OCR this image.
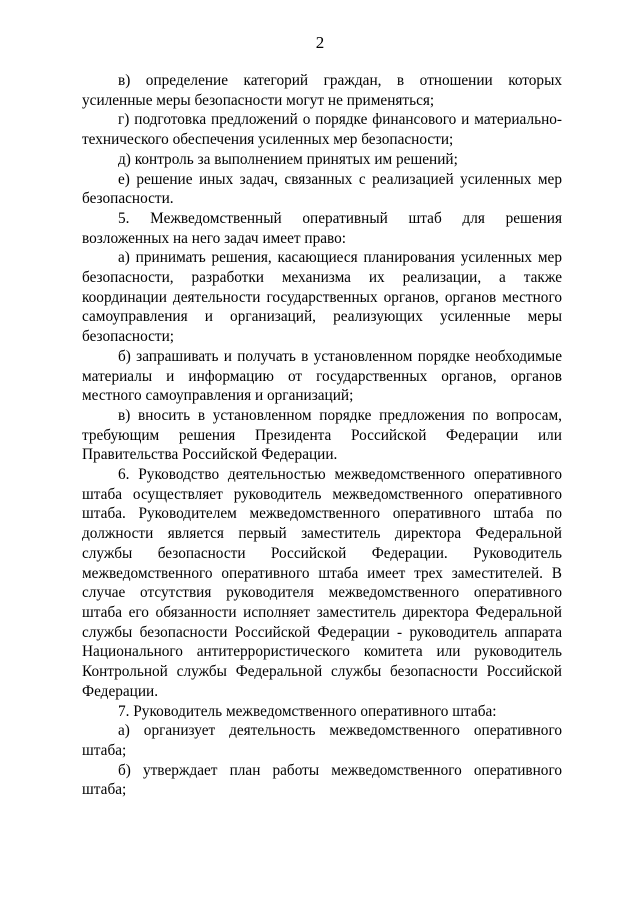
2

в) определение категорий граждан, в отношении которых усиленные меры безопасности могут не применяться;

г) подготовка предложений о порядке финансового и материально-технического обеспечения усиленных мер безопасности;

д) контроль за выполнением принятых им решений;

е) решение иных задач, связанных с реализацией усиленных мер безопасности.

5. Межведомственный оперативный штаб для решения возложенных на него задач имеет право:

а) принимать решения, касающиеся планирования усиленных мер безопасности, разработки механизма их реализации, а также координации деятельности государственных органов, органов местного самоуправления и организаций, реализующих усиленные меры безопасности;

б) запрашивать и получать в установленном порядке необходимые материалы и информацию от государственных органов, органов местного самоуправления и организаций;

в) вносить в установленном порядке предложения по вопросам, требующим решения Президента Российской Федерации или Правительства Российской Федерации.

6. Руководство деятельностью межведомственного оперативного штаба осуществляет руководитель межведомственного оперативного штаба. Руководителем межведомственного оперативного штаба по должности является первый заместитель директора Федеральной службы безопасности Российской Федерации. Руководитель межведомственного оперативного штаба имеет трех заместителей. В случае отсутствия руководителя межведомственного оперативного штаба его обязанности исполняет заместитель директора Федеральной службы безопасности Российской Федерации - руководитель аппарата Национального антитеррористического комитета или руководитель Контрольной службы Федеральной службы безопасности Российской Федерации.

7. Руководитель межведомственного оперативного штаба:

а) организует деятельность межведомственного оперативного штаба;

б) утверждает план работы межведомственного оперативного штаба;
